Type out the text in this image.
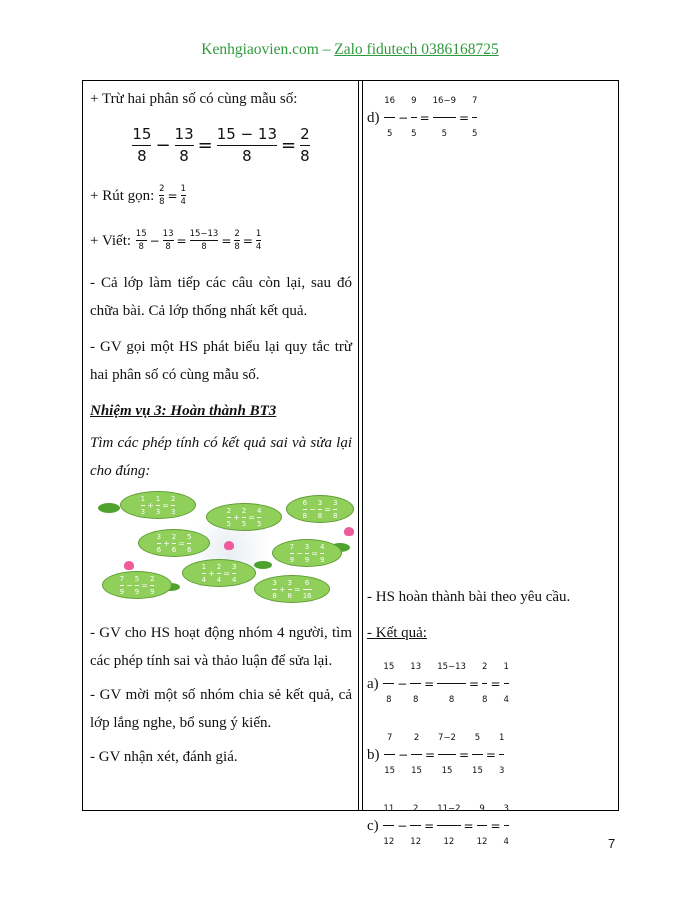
Kenhgiaovien.com – Zalo fidutech 0386168725
+ Trừ hai phân số có cùng mẫu số:
15
8 −
13
8 =
15 − 13
8 =
2
8
+ Rút gọn: $\frac{2}{8} = \frac{1}{4}$
+ Viết: $\frac{15}{8} - \frac{13}{8} = \frac{15-13}{8} = \frac{2}{8} = \frac{1}{4}$
- Cả lớp làm tiếp các câu còn lại, sau đó chữa bài. Cả lớp thống nhất kết quả.
- GV gọi một HS phát biểu lại quy tắc trừ hai phân số có cùng mẫu số.
Nhiệm vụ 3: Hoàn thành BT3
Tìm các phép tính có kết quả sai và sửa lại cho đúng:
1
3
+
1
3
=
2
3	2
5
+
2
5
=
4
5
6
8
−
3
8
=
3
8
3
6
+
2
6
=
5
6	7
9
−
3
9
=
4
9
1
4
+
2
4
=
3
4
7
9
−
5
9
=
2
9
3
8
+
3
8
=
6
16
- GV cho HS hoạt động nhóm 4 người, tìm các phép tính sai và thảo luận để sửa lại.
- GV mời một số nhóm chia sẻ kết quả, cả lớp lắng nghe, bổ sung ý kiến.
- GV nhận xét, đánh giá.
$d) \frac{16}{5} - \frac{9}{5} = \frac{16-9}{5} = \frac{7}{5}$
- HS hoàn thành bài theo yêu cầu.
- Kết quả:
$a) \frac{15}{8} - \frac{13}{8} = \frac{15-13}{8} = \frac{2}{8} = \frac{1}{4}$
$b) \frac{7}{15} - \frac{2}{15} = \frac{7-2}{15} = \frac{5}{15} = \frac{1}{3}$
$c) \frac{11}{12} - \frac{2}{12} = \frac{11-2}{12} = \frac{9}{12} = \frac{3}{4}$	7
